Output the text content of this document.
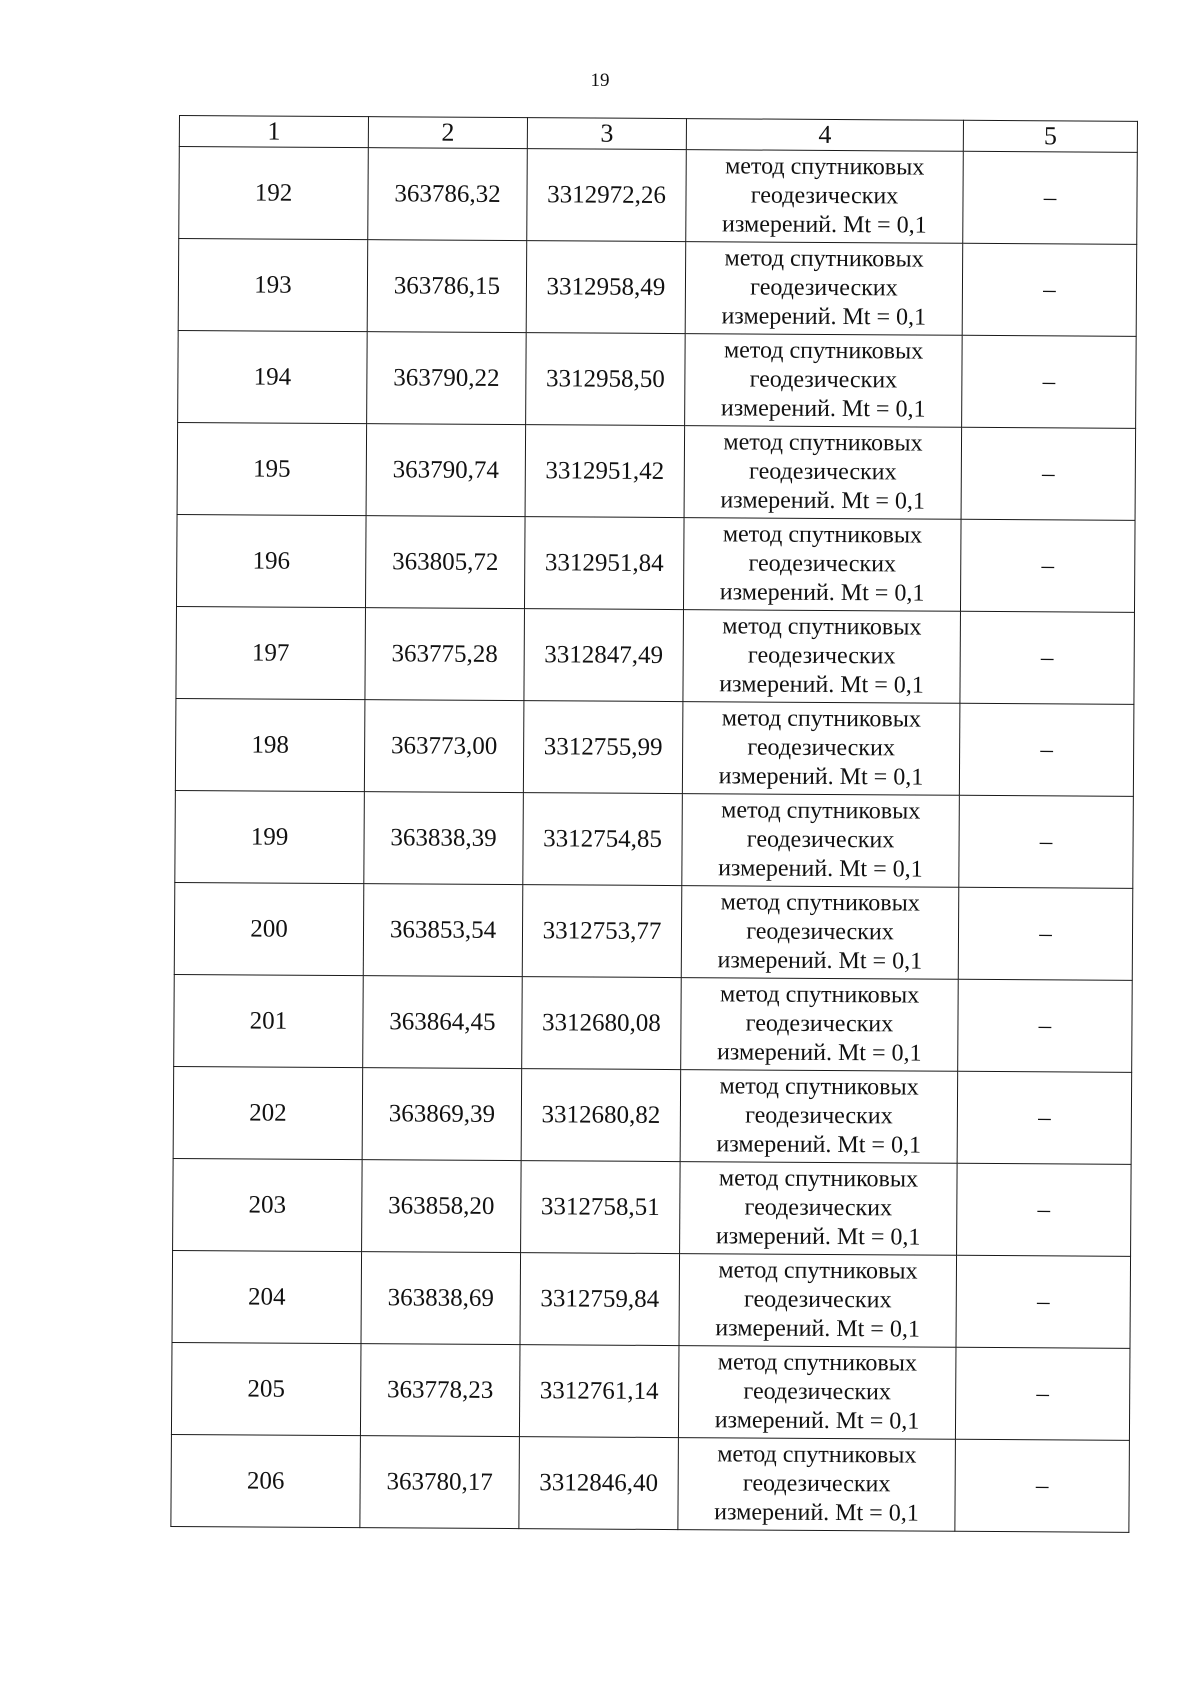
19
1	2	3	4	5
192	363786,32	3312972,26	метод спутниковых
геодезических
измерений. Mt = 0,1	–
193	363786,15	3312958,49	метод спутниковых
геодезических
измерений. Mt = 0,1	–
194	363790,22	3312958,50	метод спутниковых
геодезических
измерений. Mt = 0,1	–
195	363790,74	3312951,42	метод спутниковых
геодезических
измерений. Mt = 0,1	–
196	363805,72	3312951,84	метод спутниковых
геодезических
измерений. Mt = 0,1	–
197	363775,28	3312847,49	метод спутниковых
геодезических
измерений. Mt = 0,1	–
198	363773,00	3312755,99	метод спутниковых
геодезических
измерений. Mt = 0,1	–
199	363838,39	3312754,85	метод спутниковых
геодезических
измерений. Mt = 0,1	–
200	363853,54	3312753,77	метод спутниковых
геодезических
измерений. Mt = 0,1	–
201	363864,45	3312680,08	метод спутниковых
геодезических
измерений. Mt = 0,1	–
202	363869,39	3312680,82	метод спутниковых
геодезических
измерений. Mt = 0,1	–
203	363858,20	3312758,51	метод спутниковых
геодезических
измерений. Mt = 0,1	–
204	363838,69	3312759,84	метод спутниковых
геодезических
измерений. Mt = 0,1	–
205	363778,23	3312761,14	метод спутниковых
геодезических
измерений. Mt = 0,1	–
206	363780,17	3312846,40	метод спутниковых
геодезических
измерений. Mt = 0,1	–
